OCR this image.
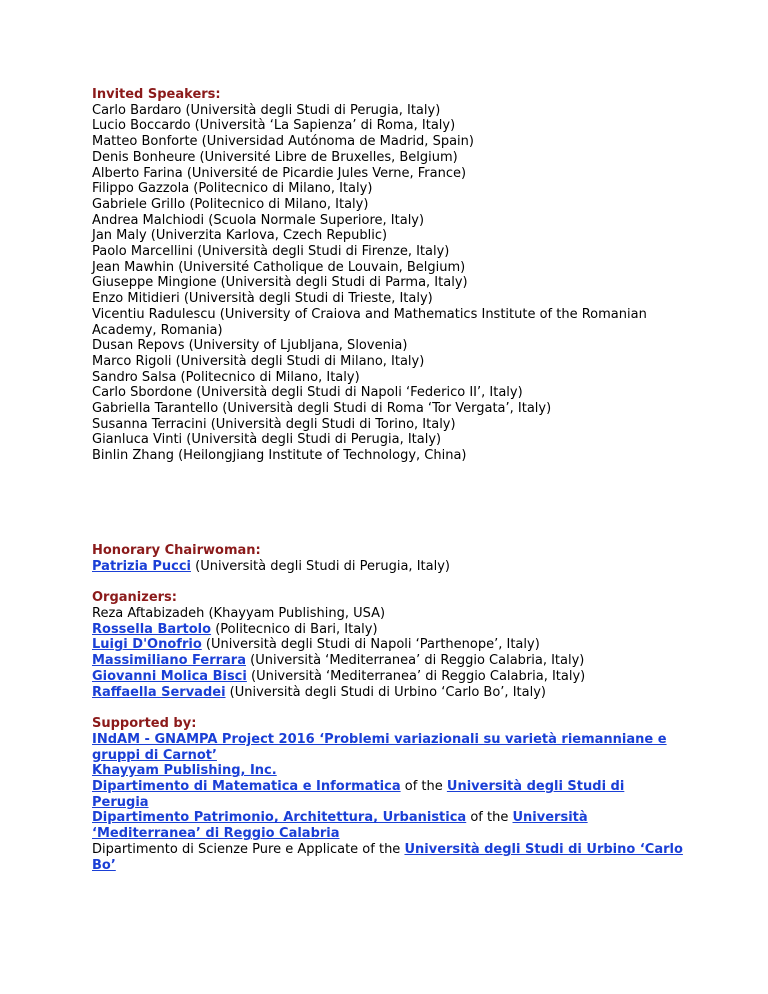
Invited Speakers:
Carlo Bardaro (Università degli Studi di Perugia, Italy)
Lucio Boccardo (Università ‘La Sapienza’ di Roma, Italy)
Matteo Bonforte (Universidad Autónoma de Madrid, Spain)
Denis Bonheure (Université Libre de Bruxelles, Belgium)
Alberto Farina (Université de Picardie Jules Verne, France)
Filippo Gazzola (Politecnico di Milano, Italy)
Gabriele Grillo (Politecnico di Milano, Italy)
Andrea Malchiodi (Scuola Normale Superiore, Italy)
Jan Maly (Univerzita Karlova, Czech Republic)
Paolo Marcellini (Università degli Studi di Firenze, Italy)
Jean Mawhin (Université Catholique de Louvain, Belgium)
Giuseppe Mingione (Università degli Studi di Parma, Italy)
Enzo Mitidieri (Università degli Studi di Trieste, Italy)
Vicentiu Radulescu (University of Craiova and Mathematics Institute of the Romanian
Academy, Romania)
Dusan Repovs (University of Ljubljana, Slovenia)
Marco Rigoli (Università degli Studi di Milano, Italy)
Sandro Salsa (Politecnico di Milano, Italy)
Carlo Sbordone (Università degli Studi di Napoli ‘Federico II’, Italy)
Gabriella Tarantello (Università degli Studi di Roma ‘Tor Vergata’, Italy)
Susanna Terracini (Università degli Studi di Torino, Italy)
Gianluca Vinti (Università degli Studi di Perugia, Italy)
Binlin Zhang (Heilongjiang Institute of Technology, China)
Honorary Chairwoman:
Patrizia Pucci (Università degli Studi di Perugia, Italy)
Organizers:
Reza Aftabizadeh (Khayyam Publishing, USA)
Rossella Bartolo (Politecnico di Bari, Italy)
Luigi D'Onofrio (Università degli Studi di Napoli ‘Parthenope’, Italy)
Massimiliano Ferrara (Università ‘Mediterranea’ di Reggio Calabria, Italy)
Giovanni Molica Bisci (Università ‘Mediterranea’ di Reggio Calabria, Italy)
Raffaella Servadei (Università degli Studi di Urbino ‘Carlo Bo’, Italy)
Supported by:
INdAM - GNAMPA Project 2016 ‘Problemi variazionali su varietà riemanniane e
gruppi di Carnot’
Khayyam Publishing, Inc.
Dipartimento di Matematica e Informatica of the Università degli Studi di
Perugia
Dipartimento Patrimonio, Architettura, Urbanistica of the Università
‘Mediterranea’ di Reggio Calabria
Dipartimento di Scienze Pure e Applicate of the Università degli Studi di Urbino ‘Carlo
Bo’
